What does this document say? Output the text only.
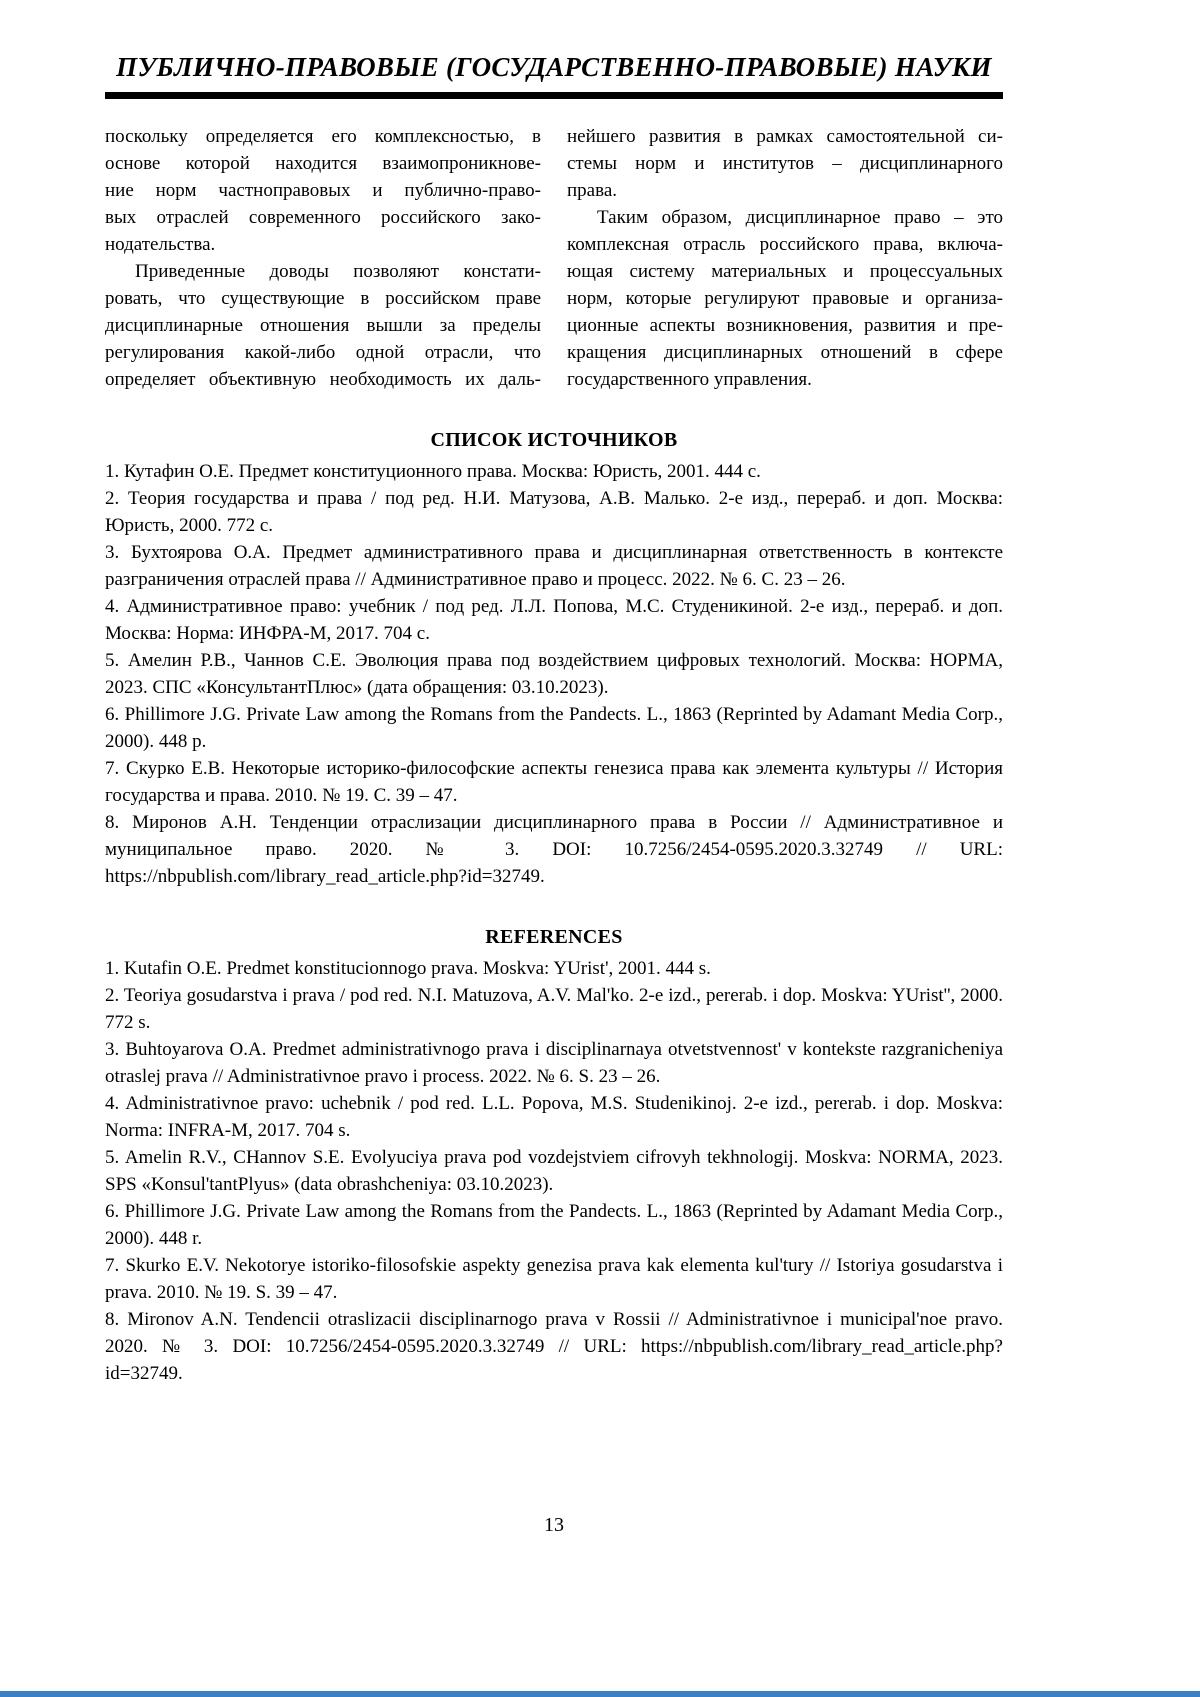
ПУБЛИЧНО-ПРАВОВЫЕ (ГОСУДАРСТВЕННО-ПРАВОВЫЕ) НАУКИ
поскольку определяется его комплексностью, в
основе которой находится взаимопроникнове-
ние норм частноправовых и публично-право-
вых отраслей современного российского зако-
нодательства.
Приведенные доводы позволяют констати-
ровать, что существующие в российском праве
дисциплинарные отношения вышли за пределы
регулирования какой-либо одной отрасли, что
определяет объективную необходимость их даль-
нейшего развития в рамках самостоятельной си-
стемы норм и институтов – дисциплинарного
права.
Таким образом, дисциплинарное право – это
комплексная отрасль российского права, включа-
ющая систему материальных и процессуальных
норм, которые регулируют правовые и организа-
ционные аспекты возникновения, развития и пре-
кращения дисциплинарных отношений в сфере
государственного управления.
СПИСОК ИСТОЧНИКОВ

1. Кутафин О.Е. Предмет конституционного права. Москва: Юристь, 2001. 444 с.

2. Теория государства и права / под ред. Н.И. Матузова, А.В. Малько. 2-е изд., перераб. и доп. Москва: Юристь, 2000. 772 с.

3. Бухтоярова О.А. Предмет административного права и дисциплинарная ответственность в контексте разграничения отраслей права // Административное право и процесс. 2022. № 6. С. 23 – 26.

4. Административное право: учебник / под ред. Л.Л. Попова, М.С. Студеникиной. 2-е изд., перераб. и доп. Москва: Норма: ИНФРА-М, 2017. 704 с.

5. Амелин Р.В., Чаннов С.Е. Эволюция права под воздействием цифровых технологий. Москва: НОРМА, 2023. СПС «КонсультантПлюс» (дата обращения: 03.10.2023).

6. Phillimore J.G. Private Law among the Romans from the Pandects. L., 1863 (Reprinted by Adamant Media Corp., 2000). 448 p.

7. Скурко Е.В. Некоторые историко-философские аспекты генезиса права как элемента культуры // История государства и права. 2010. № 19. С. 39 – 47.

8. Миронов А.Н. Тенденции отраслизации дисциплинарного права в России // Административное и муниципальное право. 2020. № 3. DOI: 10.7256/2454-0595.2020.3.32749 // URL: https://nbpublish.com/library_read_article.php?id=32749.

REFERENCES

1. Kutafin O.E. Predmet konstitucionnogo prava. Moskva: YUrist', 2001. 444 s.

2. Teoriya gosudarstva i prava / pod red. N.I. Matuzova, A.V. Mal'ko. 2-e izd., pererab. i dop. Moskva: YUrist'', 2000. 772 s.

3. Buhtoyarova O.A. Predmet administrativnogo prava i disciplinarnaya otvetstvennost' v kontekste razgranicheniya otraslej prava // Administrativnoe pravo i process. 2022. № 6. S. 23 – 26.

4. Administrativnoe pravo: uchebnik / pod red. L.L. Popova, M.S. Studenikinoj. 2-e izd., pererab. i dop. Moskva: Norma: INFRA-M, 2017. 704 s.

5. Amelin R.V., CHannov S.E. Evolyuciya prava pod vozdejstviem cifrovyh tekhnologij. Moskva: NORMA, 2023. SPS «Konsul'tantPlyus» (data obrashcheniya: 03.10.2023).

6. Phillimore J.G. Private Law among the Romans from the Pandects. L., 1863 (Reprinted by Adamant Media Corp., 2000). 448 r.

7. Skurko E.V. Nekotorye istoriko-filosofskie aspekty genezisa prava kak elementa kul'tury // Istoriya gosudarstva i prava. 2010. № 19. S. 39 – 47.

8. Mironov A.N. Tendencii otraslizacii disciplinarnogo prava v Rossii // Administrativnoe i municipal'noe pravo. 2020. № 3. DOI: 10.7256/2454-0595.2020.3.32749 // URL: https://nbpublish.com/library_read_article.php?id=32749.

13
